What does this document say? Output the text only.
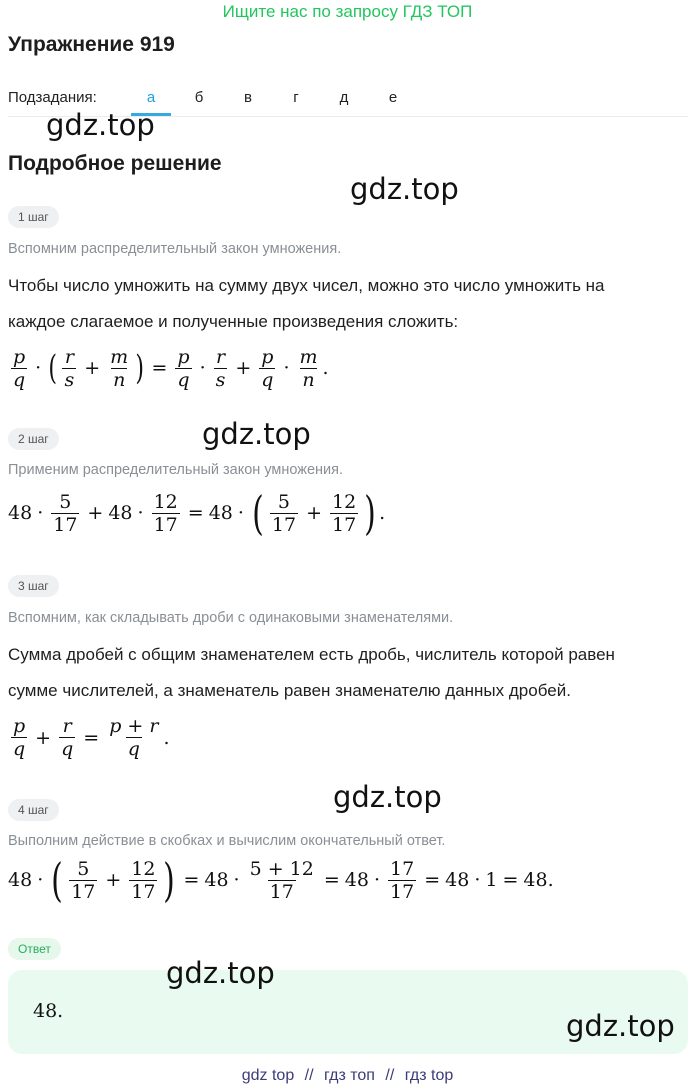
Ищите нас по запросу ГДЗ ТОП
Упражнение 919
Подзадания:	а	б	в	г	д	е
gdz.top
Подробное решение
gdz.top
1 шаг
Вспомним распределительный закон умножения.
Чтобы число умножить на сумму двух чисел, можно это число умножить на
каждое слагаемое и полученные произведения сложить:
$\frac{p}{q}$ · ( $\frac{r}{s} + \frac{m}{n}$ ) = $\frac{p}{q} \cdot \frac{r}{s} + \frac{p}{q} \cdot \frac{m}{n}$ .
2 шаг	gdz.top
Применим распределительный закон умножения.
$48 \cdot \frac{5}{17} + 48 \cdot \frac{12}{17} = 48$ · ( $\frac{5}{17} + \frac{12}{17}$ ) .
3 шаг
Вспомним, как складывать дроби с одинаковыми знаменателями.
Сумма дробей с общим знаменателем есть дробь, числитель которой равен
сумме числителей, а знаменатель равен знаменателю данных дробей.
$\frac{p}{q} + \frac{r}{q} = \frac{p + r}{q}$ .
gdz.top
4 шаг
Выполним действие в скобках и вычислим окончательный ответ.
48 · ( $\frac{5}{17} + \frac{12}{17}$ ) = $48 \cdot \frac{5 + 12}{17} = 48 \cdot \frac{17}{17} = 48 \cdot 1 = 48$ .
Ответ
48.
gdz.top
gdz.top
gdz top // гдз топ // гдз top
